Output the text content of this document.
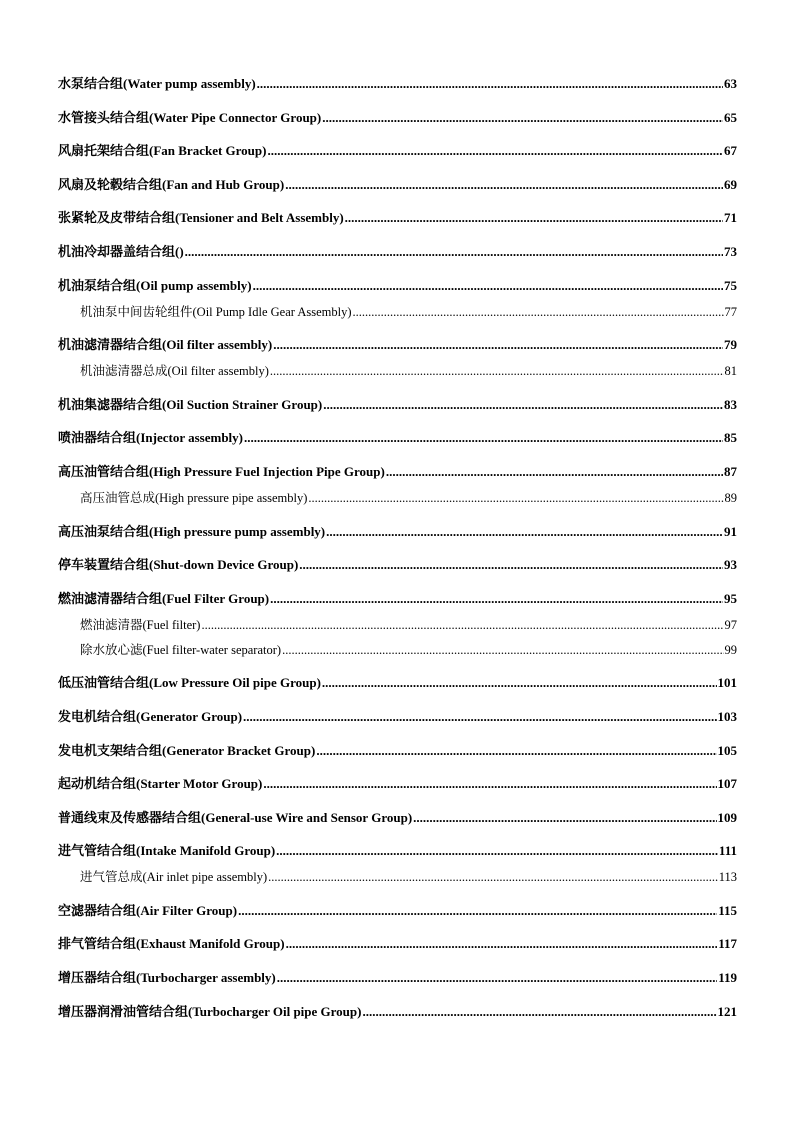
水泵结合组(Water pump assembly) .....	63
水管接头结合组(Water Pipe Connector Group) .....	65
风扇托架结合组(Fan Bracket Group) .....	67
风扇及轮毂结合组(Fan and Hub Group) .....	69
张紧轮及皮带结合组(Tensioner and Belt Assembly) .....	71
机油冷却器盖结合组() .....	73
机油泵结合组(Oil pump assembly) .....	75
机油泵中间齿轮组件(Oil Pump Idle Gear Assembly) .....	77
机油滤清器结合组(Oil filter assembly) .....	79
机油滤清器总成(Oil filter assembly) .....	81
机油集滤器结合组(Oil Suction Strainer Group) .....	83
喷油器结合组(Injector assembly) .....	85
高压油管结合组(High Pressure Fuel Injection Pipe Group) .....	87
高压油管总成(High pressure pipe assembly) .....	89
高压油泵结合组(High pressure pump assembly) .....	91
停车装置结合组(Shut-down Device Group) .....	93
燃油滤清器结合组(Fuel Filter Group) .....	95
燃油滤清器(Fuel filter) .....	97
除水放心滤(Fuel filter-water separator) .....	99
低压油管结合组(Low Pressure Oil pipe Group) .....	101
发电机结合组(Generator Group) .....	103
发电机支架结合组(Generator Bracket Group) .....	105
起动机结合组(Starter Motor Group) .....	107
普通线束及传感器结合组(General-use Wire and Sensor Group) .....	109
进气管结合组(Intake Manifold Group) .....	111
进气管总成(Air inlet pipe assembly) .....	113
空滤器结合组(Air Filter Group) .....	115
排气管结合组(Exhaust Manifold Group) .....	117
增压器结合组(Turbocharger assembly) .....	119
增压器润滑油管结合组(Turbocharger Oil pipe Group) .....	121
